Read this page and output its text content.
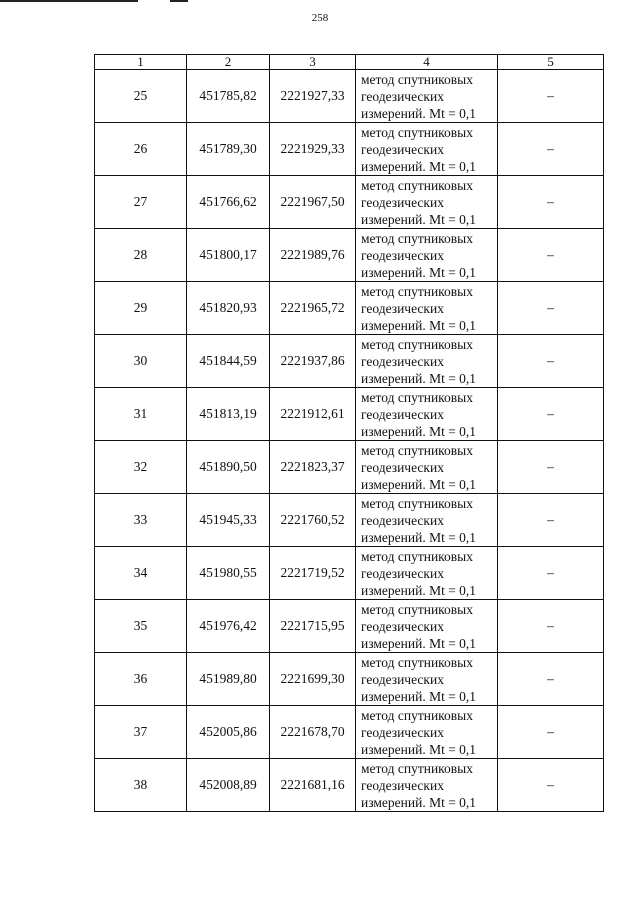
258
1	2	3	4	5
25	451785,82	2221927,33	метод спутниковых
геодезических
измерений. Mt = 0,1	–
26	451789,30	2221929,33	метод спутниковых
геодезических
измерений. Mt = 0,1	–
27	451766,62	2221967,50	метод спутниковых
геодезических
измерений. Mt = 0,1	–
28	451800,17	2221989,76	метод спутниковых
геодезических
измерений. Mt = 0,1	–
29	451820,93	2221965,72	метод спутниковых
геодезических
измерений. Mt = 0,1	–
30	451844,59	2221937,86	метод спутниковых
геодезических
измерений. Mt = 0,1	–
31	451813,19	2221912,61	метод спутниковых
геодезических
измерений. Mt = 0,1	–
32	451890,50	2221823,37	метод спутниковых
геодезических
измерений. Mt = 0,1	–
33	451945,33	2221760,52	метод спутниковых
геодезических
измерений. Mt = 0,1	–
34	451980,55	2221719,52	метод спутниковых
геодезических
измерений. Mt = 0,1	–
35	451976,42	2221715,95	метод спутниковых
геодезических
измерений. Mt = 0,1	–
36	451989,80	2221699,30	метод спутниковых
геодезических
измерений. Mt = 0,1	–
37	452005,86	2221678,70	метод спутниковых
геодезических
измерений. Mt = 0,1	–
38	452008,89	2221681,16	метод спутниковых
геодезических
измерений. Mt = 0,1	–
